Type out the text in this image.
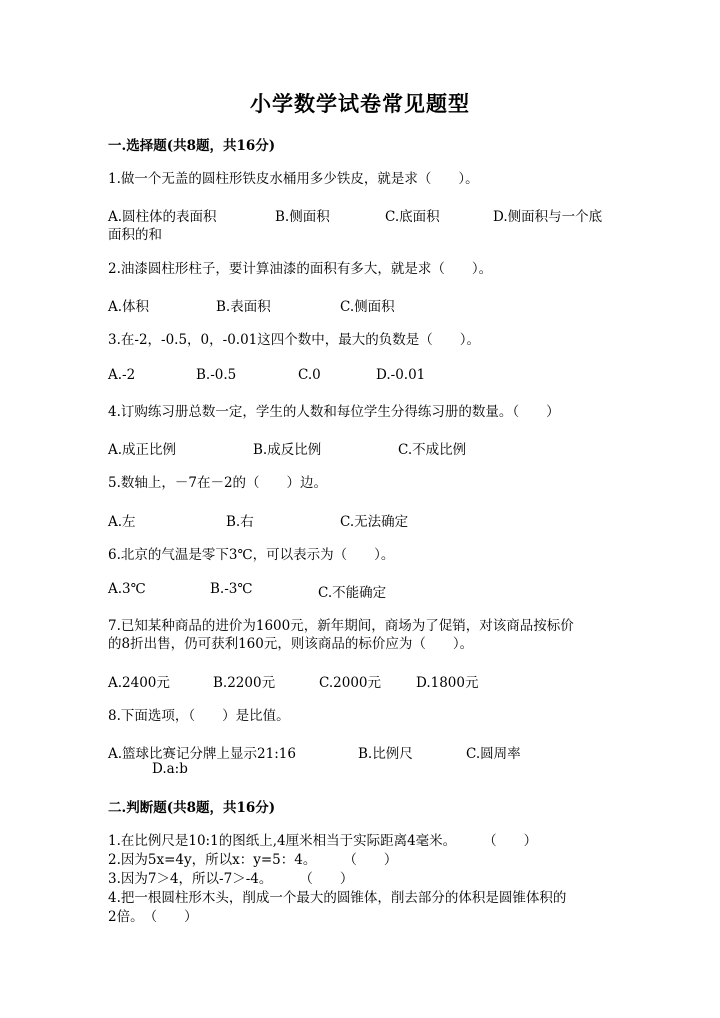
小学数学试卷常见题型
一.选择题(共8题，共16分)
1.做一个无盖的圆柱形铁皮水桶用多少铁皮，就是求（　　）。
A.圆柱体的表面积	B.侧面积	C.底面积	D.侧面积与一个底
面积的和
2.油漆圆柱形柱子，要计算油漆的面积有多大，就是求（　　）。
A.体积	B.表面积	C.侧面积
3.在-2，-0.5，0，-0.01这四个数中，最大的负数是（　　）。
A.-2	B.-0.5	C.0	D.-0.01
4.订购练习册总数一定，学生的人数和每位学生分得练习册的数量。（　　）
A.成正比例	B.成反比例	C.不成比例
5.数轴上，－7在－2的（　　）边。
A.左	B.右	C.无法确定
6.北京的气温是零下3℃，可以表示为（　　）。
A.3℃	B.-3℃	C.不能确定
7.已知某种商品的进价为1600元，新年期间，商场为了促销，对该商品按标价
的8折出售，仍可获利160元，则该商品的标价应为（　　）。
A.2400元	B.2200元	C.2000元	D.1800元
8.下面选项，（　　）是比值。
A.篮球比赛记分牌上显示21:16	B.比例尺	C.圆周率
D.a:b
二.判断题(共8题，共16分)
1.在比例尺是10:1的图纸上,4厘米相当于实际距离4毫米。　　　（　　）
2.因为5x=4y，所以x：y=5：4。　　　（　　）
3.因为7＞4，所以-7＞-4。　　　（　　）
4.把一根圆柱形木头，削成一个最大的圆锥体，削去部分的体积是圆锥体积的
2倍。　（　　）
